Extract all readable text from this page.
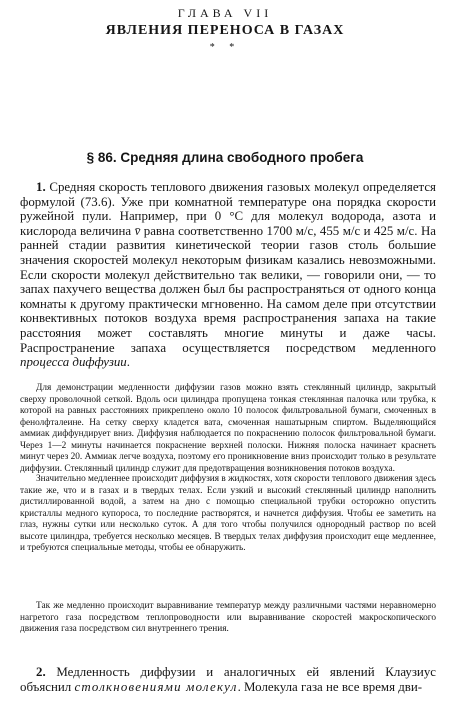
ГЛАВА VII
ЯВЛЕНИЯ ПЕРЕНОСА В ГАЗАХ
* *
§ 86. Средняя длина свободного пробега

1. Средняя скорость теплового движения газовых молекул определяется формулой (73.6). Уже при комнатной температуре она порядка скорости ружейной пули. Например, при 0 °С для молекул водорода, азота и кислорода величина v̄ равна соответственно 1700 м/с, 455 м/с и 425 м/с. На ранней стадии развития кинетической теории газов столь большие значения скоростей молекул некоторым физикам казались невозможными. Если скорости молекул действительно так велики, — говорили они, — то запах пахучего вещества должен был бы распространяться от одного конца комнаты к другому практически мгновенно. На самом деле при отсутствии конвективных потоков воздуха время распространения запаха на такие расстояния может составлять многие минуты и даже часы. Распространение запаха осуществляется посредством медленного процесса диффузии.

Для демонстрации медленности диффузии газов можно взять стеклянный цилиндр, закрытый сверху проволочной сеткой. Вдоль оси цилиндра пропущена тонкая стеклянная палочка или трубка, к которой на равных расстояниях прикреплено около 10 полосок фильтровальной бумаги, смоченных в фенолфталеине. На сетку сверху кладется вата, смоченная нашатырным спиртом. Выделяющийся аммиак диффундирует вниз. Диффузия наблюдается по покраснению полосок фильтровальной бумаги. Через 1—2 минуты начинается покраснение верхней полоски. Нижняя полоска начинает краснеть минут через 20. Аммиак легче воздуха, поэтому его проникновение вниз происходит только в результате диффузии. Стеклянный цилиндр служит для предотвращения возникновения потоков воздуха.

Значительно медленнее происходит диффузия в жидкостях, хотя скорости теплового движения здесь такие же, что и в газах и в твердых телах. Если узкий и высокий стеклянный цилиндр наполнить дистиллированной водой, а затем на дно с помощью специальной трубки осторожно опустить кристаллы медного купороса, то последние растворятся, и начнется диффузия. Чтобы ее заметить на глаз, нужны сутки или несколько суток. А для того чтобы получился однородный раствор по всей высоте цилиндра, требуется несколько месяцев. В твердых телах диффузия происходит еще медленнее, и требуются специальные методы, чтобы ее обнаружить.

Так же медленно происходит выравнивание температур между различными частями неравномерно нагретого газа посредством теплопроводности или выравнивание скоростей макроскопического движения газа посредством сил внутреннего трения.

2. Медленность диффузии и аналогичных ей явлений Клаузиус объяснил столкновениями молекул. Молекула газа не все время дви-
